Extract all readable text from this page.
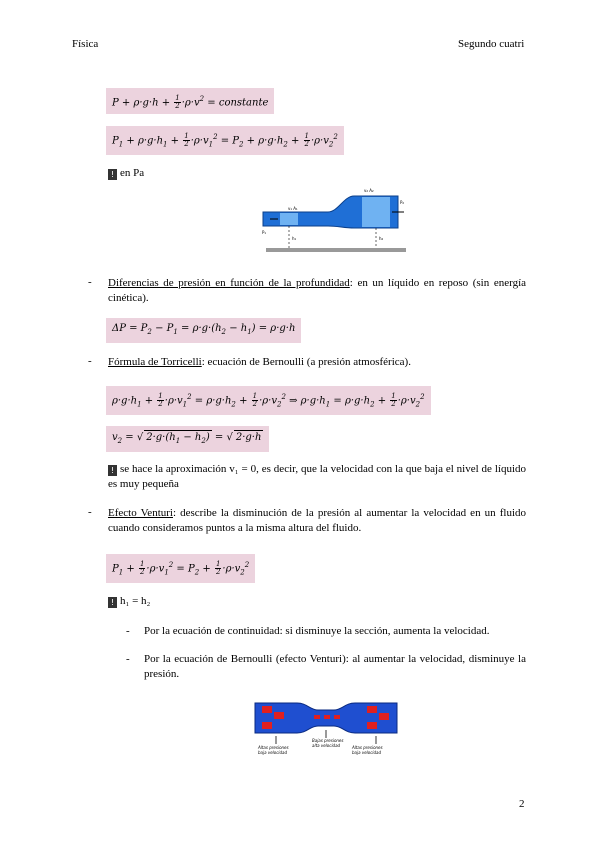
Física	Segundo cuatri
$P + \rho\cdot g\cdot h + \frac{1}{2} \cdot\rho\cdot v^2$ = constante
$P_1 + \rho\cdot g\cdot h_1 + \frac{1}{2} \cdot\rho\cdot v_1^2 = P_2 + \rho\cdot g\cdot h_2 + \frac{1}{2} \cdot\rho\cdot v_2^2$
! en Pa
v₁ A₁
v₂ A₂
P₁
P₂
h₁	h₂
- Diferencias de presión en función de la profundidad: en un líquido en reposo (sin energía cinética).
$\Delta P = P_2 - P_1 = \rho\cdot g\cdot(h_2 - h_1) = \rho\cdot g\cdot h$
- Fórmula de Torricelli: ecuación de Bernoulli (a presión atmosférica).
$\rho\cdot g\cdot h_1 + \frac{1}{2} \cdot\rho\cdot v_1^2 = \rho\cdot g\cdot h_2 + \frac{1}{2} \cdot\rho\cdot v_2^2$ ⇒ $\rho\cdot g\cdot h_1 = \rho\cdot g\cdot h_2 + \frac{1}{2} \cdot\rho\cdot v_2^2$
$v_2$ = √ $2\cdot g\cdot(h_1 - h_2)$ = √ 2·g·h
! se hace la aproximación v₁ = 0, es decir, que la velocidad con la que baja el nivel de líquido es muy pequeña
- Efecto Venturi: describe la disminución de la presión al aumentar la velocidad en un fluido cuando consideramos puntos a la misma altura del fluido.
$P_1 + \frac{1}{2} \cdot\rho\cdot v_1^2 = P_2 + \frac{1}{2} \cdot\rho\cdot v_2^2$
! h₁ = h₂
- Por la ecuación de continuidad: si disminuye la sección, aumenta la velocidad.
- Por la ecuación de Bernoulli (efecto Venturi): al aumentar la velocidad, disminuye la presión.
Altas presiones baja velocidad
Bajas presiones alta velocidad	Altas presiones baja velocidad
2
